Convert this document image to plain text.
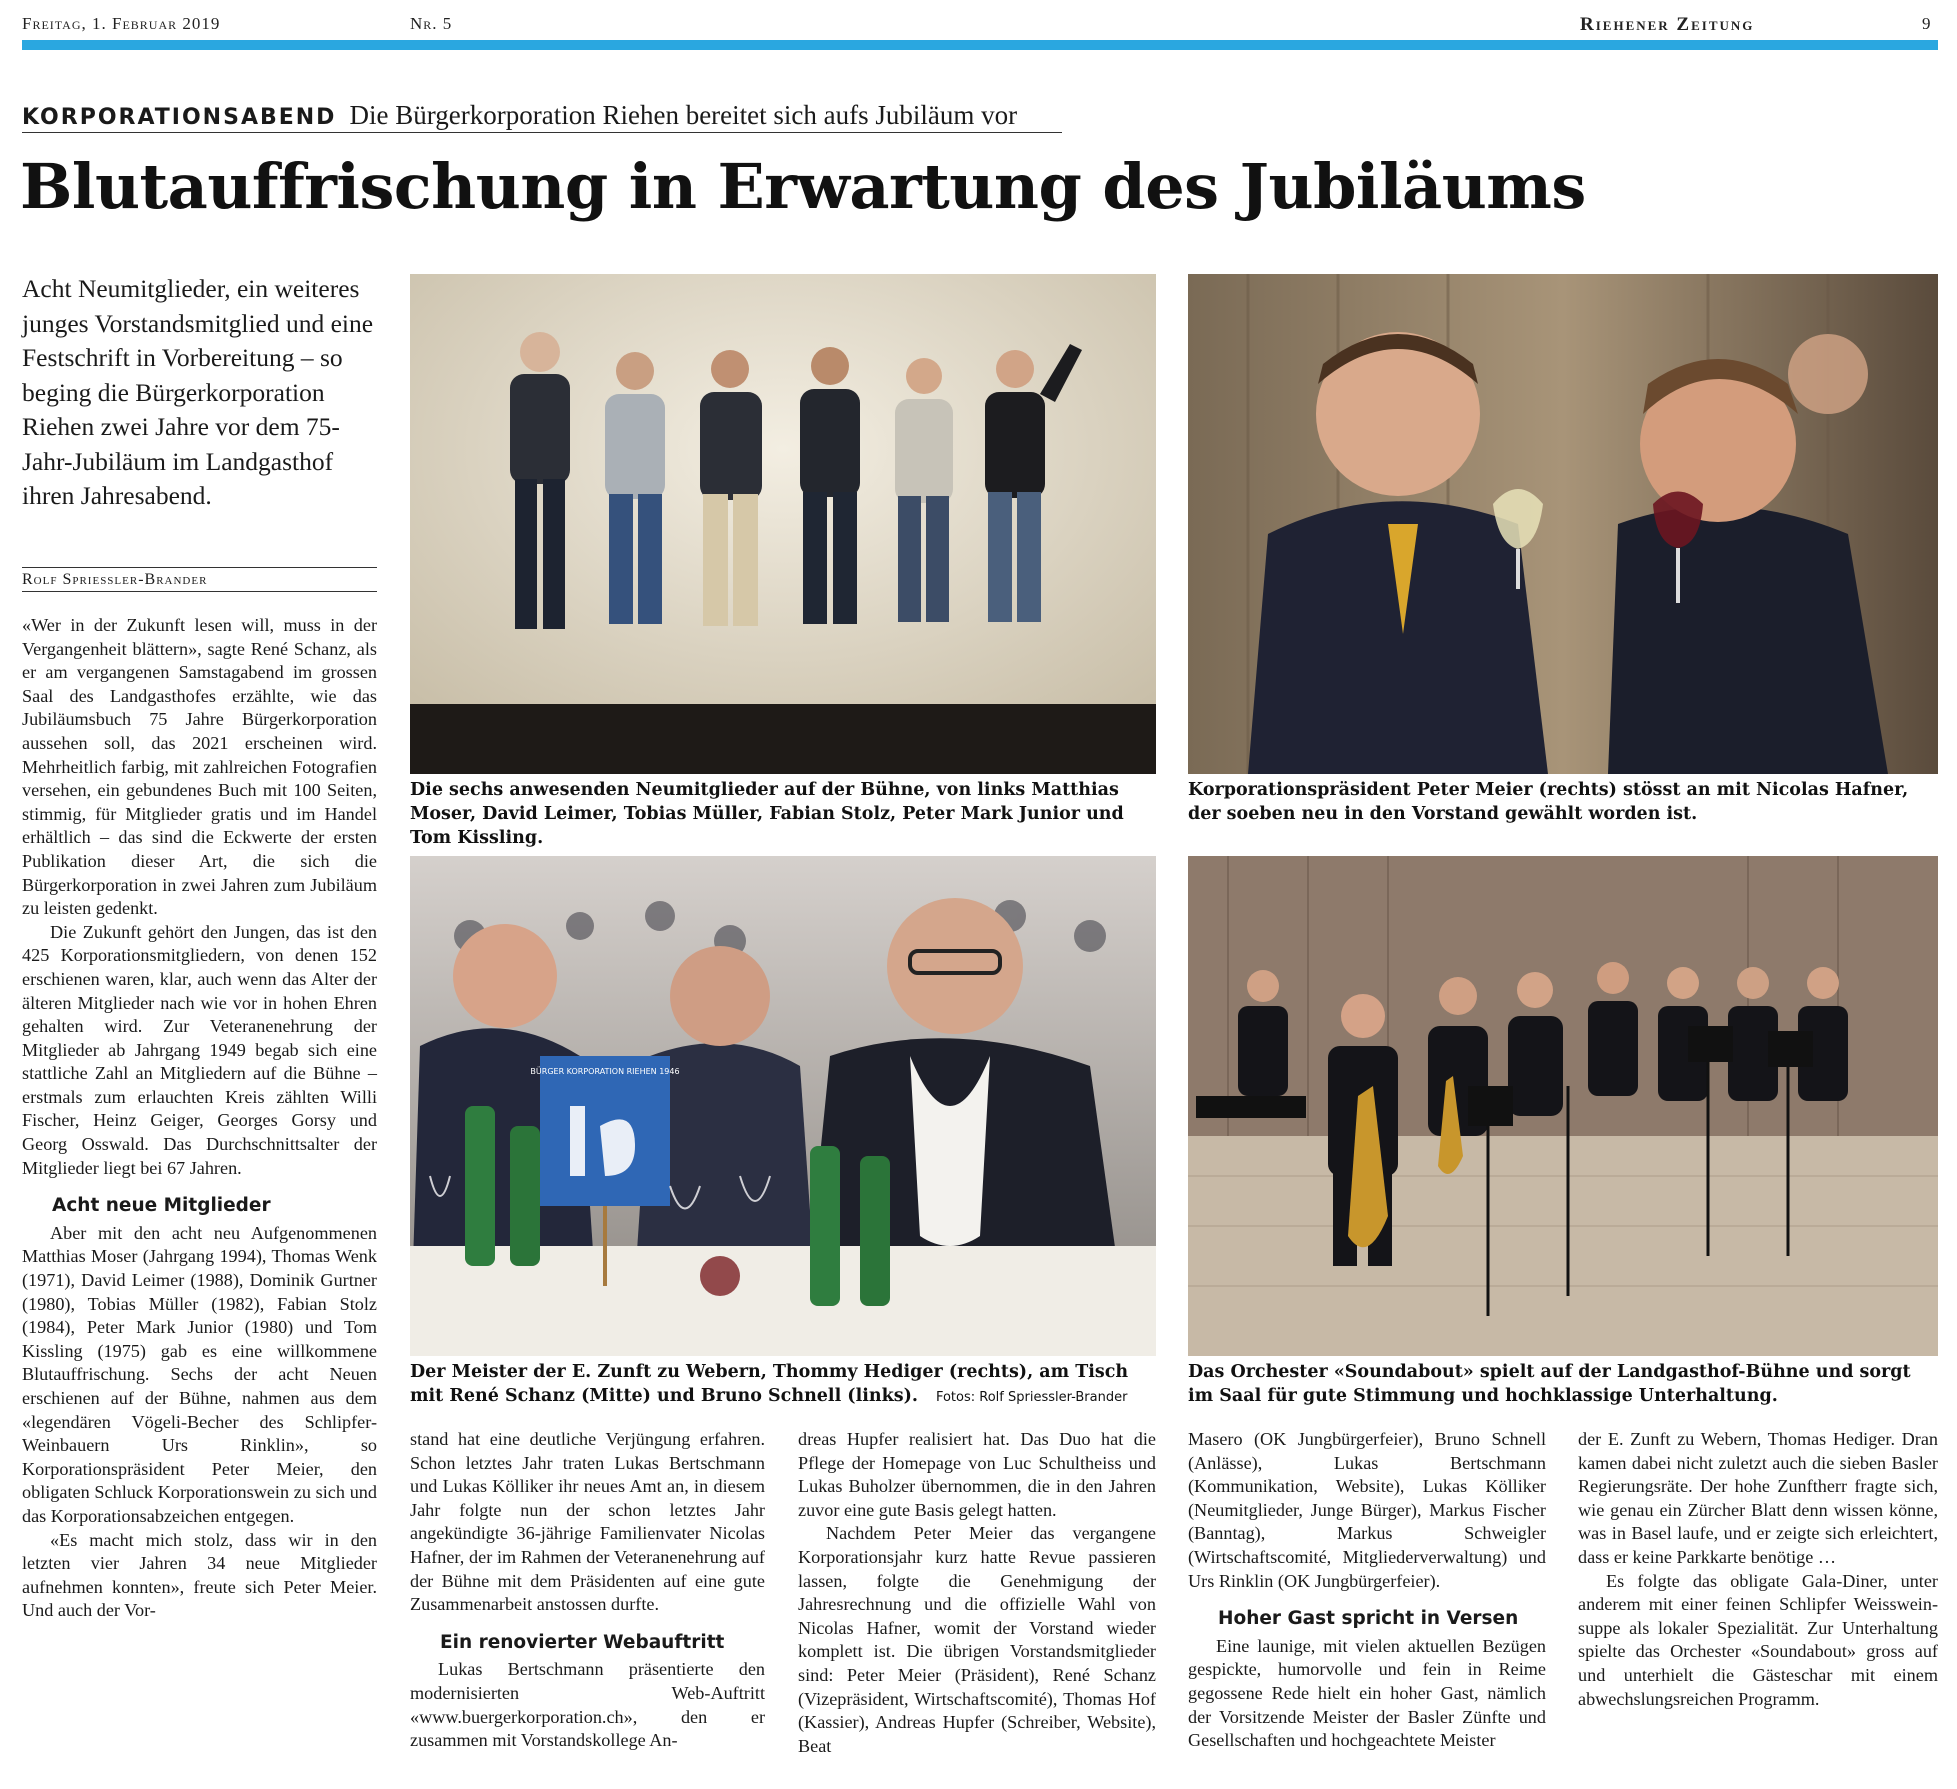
Freitag, 1. Februar 2019	Nr. 5	Riehener Zeitung	9
KORPORATIONSABEND Die Bürgerkorporation Riehen bereitet sich aufs Jubiläum vor
Blutauffrischung in Erwartung des Jubiläums
Acht Neumitglieder, ein weiteres junges Vorstandsmitglied und eine Festschrift in Vorbereitung – so beging die Bürgerkorporation Riehen zwei Jahre vor dem 75-Jahr-Jubiläum im Landgasthof ihren Jahresabend.
Rolf Spriessler-Brander

«Wer in der Zukunft lesen will, muss in der Vergangenheit blättern», sagte René Schanz, als er am vergangenen Samstagabend im grossen Saal des Landgasthofes erzählte, wie das Jubiläumsbuch 75 Jahre Bürgerkorporation aussehen soll, das 2021 erscheinen wird. Mehrheitlich farbig, mit zahlreichen Fotografien versehen, ein gebundenes Buch mit 100 Seiten, stimmig, für Mitglieder gratis und im Handel erhältlich – das sind die Eckwerte der ersten Publikation dieser Art, die sich die Bürgerkorporation in zwei Jahren zum Jubiläum zu leisten gedenkt.

Die Zukunft gehört den Jungen, das ist den 425 Korporationsmitgliedern, von denen 152 erschienen waren, klar, auch wenn das Alter der älteren Mitglieder nach wie vor in hohen Ehren gehalten wird. Zur Veteranenehrung der Mitglieder ab Jahrgang 1949 begab sich eine stattliche Zahl an Mitgliedern auf die Bühne – erstmals zum erlauchten Kreis zählten Willi Fischer, Heinz Geiger, Georges Gorsy und Georg Osswald. Das Durchschnittsalter der Mitglieder liegt bei 67 Jahren.

Acht neue Mitglieder

Aber mit den acht neu Aufgenommenen Matthias Moser (Jahrgang 1994), Thomas Wenk (1971), David Leimer (1988), Dominik Gurtner (1980), Tobias Müller (1982), Fabian Stolz (1984), Peter Mark Junior (1980) und Tom Kissling (1975) gab es eine willkommene Blutauffrischung. Sechs der acht Neuen erschienen auf der Bühne, nahmen aus dem «legendären Vögeli-Becher des Schlipfer-Weinbauern Urs Rinklin», so Korporationspräsident Peter Meier, den obligaten Schluck Korporationswein zu sich und das Korporationsabzeichen entgegen.

«Es macht mich stolz, dass wir in den letzten vier Jahren 34 neue Mitglieder aufnehmen konnten», freute sich Peter Meier. Und auch der Vor-

Die sechs anwesenden Neumitglieder auf der Bühne, von links Matthias Moser, David Leimer, Tobias Müller, Fabian Stolz, Peter Mark Junior und Tom Kissling.
Korporationspräsident Peter Meier (rechts) stösst an mit Nicolas Hafner, der soeben neu in den Vorstand gewählt worden ist.
BÜRGER KORPORATION RIEHEN 1946
Der Meister der E. Zunft zu Webern, Thommy Hediger (rechts), am Tisch mit René Schanz (Mitte) und Bruno Schnell (links). Fotos: Rolf Spriessler-Brander
Das Orchester «Soundabout» spielt auf der Landgasthof-Bühne und sorgt im Saal für gute Stimmung und hochklassige Unterhaltung.

stand hat eine deutliche Verjüngung erfahren. Schon letztes Jahr traten Lukas Bertschmann und Lukas Kölliker ihr neues Amt an, in diesem Jahr folgte nun der schon letztes Jahr angekündigte 36-jährige Familienvater Nicolas Hafner, der im Rahmen der Veteranenehrung auf der Bühne mit dem Präsidenten auf eine gute Zusammenarbeit anstossen durfte.

Ein renovierter Webauftritt

Lukas Bertschmann präsentierte den modernisierten Web-Auftritt «www.buergerkorporation.ch», den er zusammen mit Vorstandskollege An-

dreas Hupfer realisiert hat. Das Duo hat die Pflege der Homepage von Luc Schultheiss und Lukas Buholzer übernommen, die in den Jahren zuvor eine gute Basis gelegt hatten.

Nachdem Peter Meier das vergangene Korporationsjahr kurz hatte Revue passieren lassen, folgte die Genehmigung der Jahresrechnung und die offizielle Wahl von Nicolas Hafner, womit der Vorstand wieder komplett ist. Die übrigen Vorstandsmitglieder sind: Peter Meier (Präsident), René Schanz (Vizepräsident, Wirtschaftscomité), Thomas Hof (Kassier), Andreas Hupfer (Schreiber, Website), Beat

Masero (OK Jungbürgerfeier), Bruno Schnell (Anlässe), Lukas Bertschmann (Kommunikation, Website), Lukas Kölliker (Neumitglieder, Junge Bürger), Markus Fischer (Banntag), Markus Schweigler (Wirtschaftscomité, Mitgliederverwaltung) und Urs Rinklin (OK Jungbürgerfeier).

Hoher Gast spricht in Versen

Eine launige, mit vielen aktuellen Bezügen gespickte, humorvolle und fein in Reime gegossene Rede hielt ein hoher Gast, nämlich der Vorsitzende Meister der Basler Zünfte und Gesellschaften und hochgeachtete Meister

der E. Zunft zu Webern, Thomas Hediger. Dran kamen dabei nicht zuletzt auch die sieben Basler Regierungsräte. Der hohe Zunftherr fragte sich, wie genau ein Zürcher Blatt denn wissen könne, was in Basel laufe, und er zeigte sich erleichtert, dass er keine Parkkarte benötige …

Es folgte das obligate Gala-Diner, unter anderem mit einer feinen Schlipfer Weissweinsuppe als lokaler Spezialität. Zur Unterhaltung spielte das Orchester «Soundabout» gross auf und unterhielt die Gästeschar mit einem abwechslungsreichen Programm.
